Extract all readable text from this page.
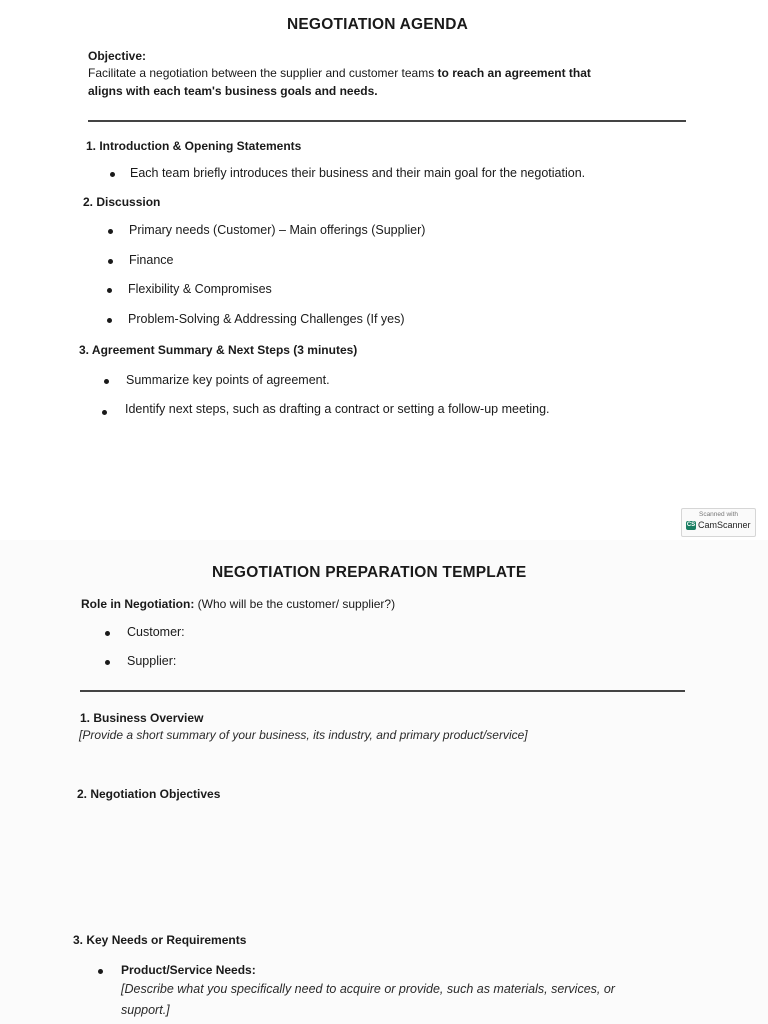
NEGOTIATION AGENDA
Objective:
Facilitate a negotiation between the supplier and customer teams to reach an agreement that
aligns with each team's business goals and needs.
1. Introduction & Opening Statements
Each team briefly introduces their business and their main goal for the negotiation.
2. Discussion
Primary needs (Customer) – Main offerings (Supplier)
Finance
Flexibility & Compromises
Problem-Solving & Addressing Challenges (If yes)
3. Agreement Summary & Next Steps (3 minutes)
Summarize key points of agreement.
Identify next steps, such as drafting a contract or setting a follow-up meeting.
Scanned with
CS CamScanner
NEGOTIATION PREPARATION TEMPLATE
Role in Negotiation: (Who will be the customer/ supplier?)
Customer:
Supplier:
1. Business Overview
[Provide a short summary of your business, its industry, and primary product/service]
2. Negotiation Objectives
3. Key Needs or Requirements
Product/Service Needs:
[Describe what you specifically need to acquire or provide, such as materials, services, or
support.]
